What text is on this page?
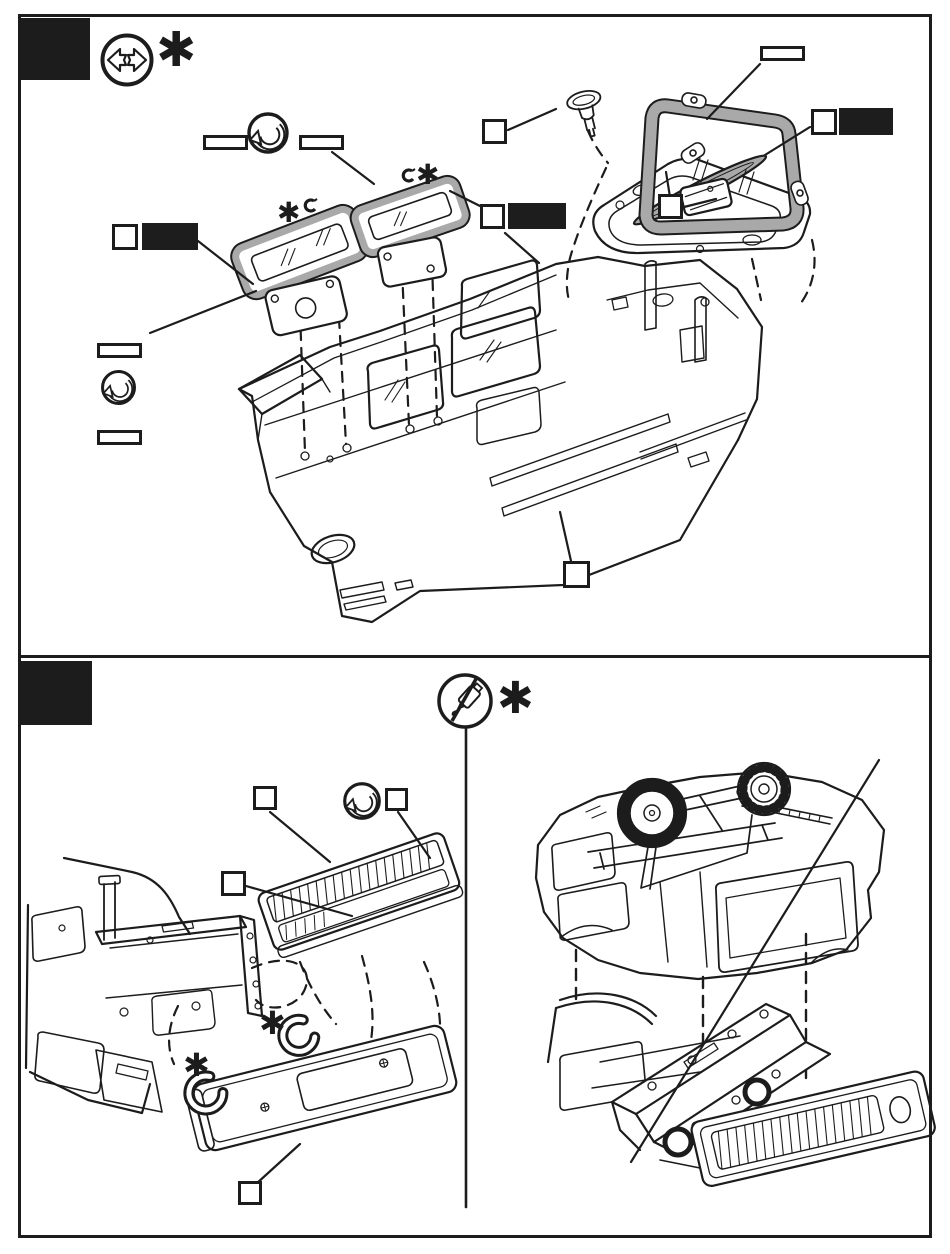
✱
✱
✱
✱
✱
✱
